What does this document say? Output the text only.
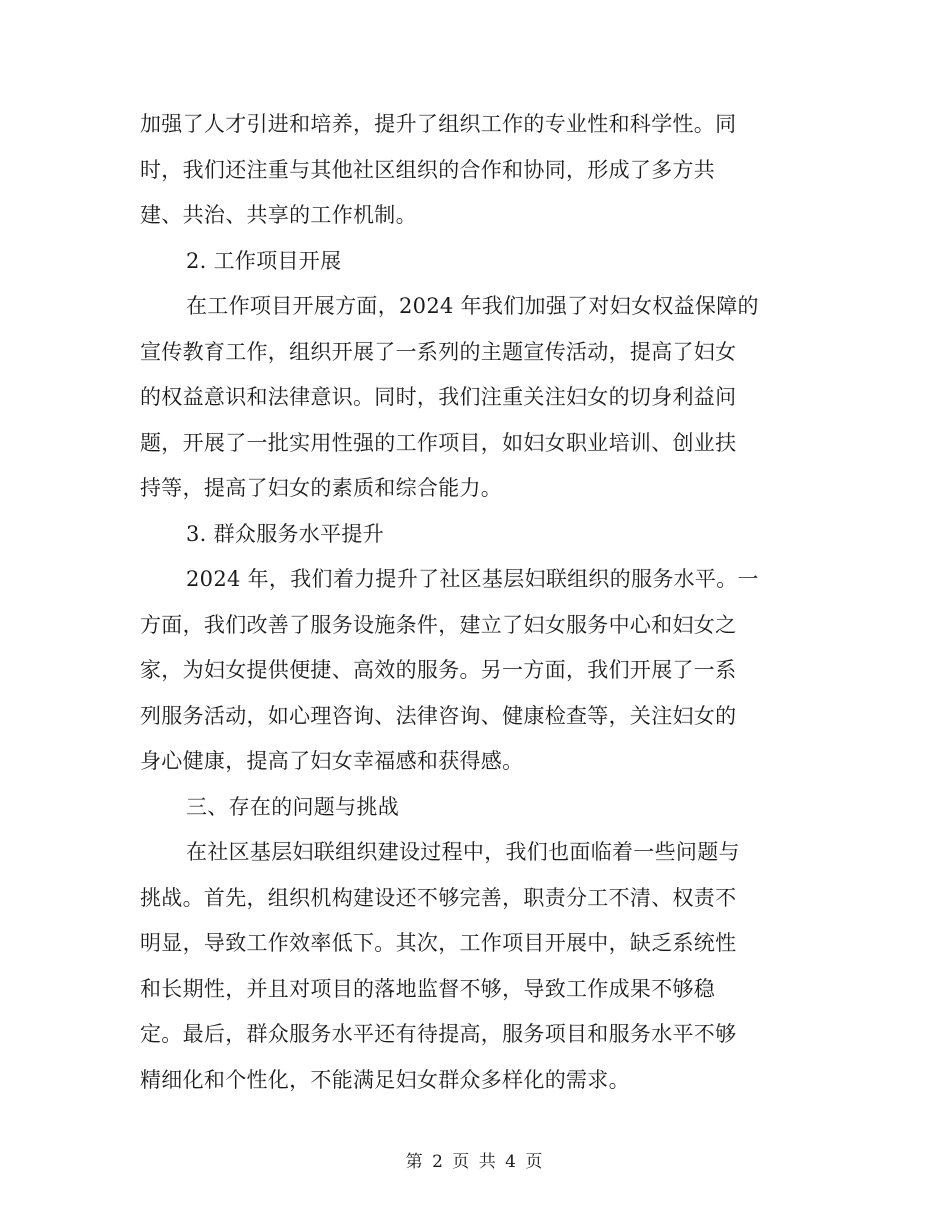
加强了人才引进和培养，提升了组织工作的专业性和科学性。同
时，我们还注重与其他社区组织的合作和协同，形成了多方共
建、共治、共享的工作机制。
2. 工作项目开展
在工作项目开展方面，2024 年我们加强了对妇女权益保障的
宣传教育工作，组织开展了一系列的主题宣传活动，提高了妇女
的权益意识和法律意识。同时，我们注重关注妇女的切身利益问
题，开展了一批实用性强的工作项目，如妇女职业培训、创业扶
持等，提高了妇女的素质和综合能力。
3. 群众服务水平提升
2024 年，我们着力提升了社区基层妇联组织的服务水平。一
方面，我们改善了服务设施条件，建立了妇女服务中心和妇女之
家，为妇女提供便捷、高效的服务。另一方面，我们开展了一系
列服务活动，如心理咨询、法律咨询、健康检查等，关注妇女的
身心健康，提高了妇女幸福感和获得感。
三、存在的问题与挑战
在社区基层妇联组织建设过程中，我们也面临着一些问题与
挑战。首先，组织机构建设还不够完善，职责分工不清、权责不
明显，导致工作效率低下。其次，工作项目开展中，缺乏系统性
和长期性，并且对项目的落地监督不够，导致工作成果不够稳
定。最后，群众服务水平还有待提高，服务项目和服务水平不够
精细化和个性化，不能满足妇女群众多样化的需求。
第 2 页 共 4 页
